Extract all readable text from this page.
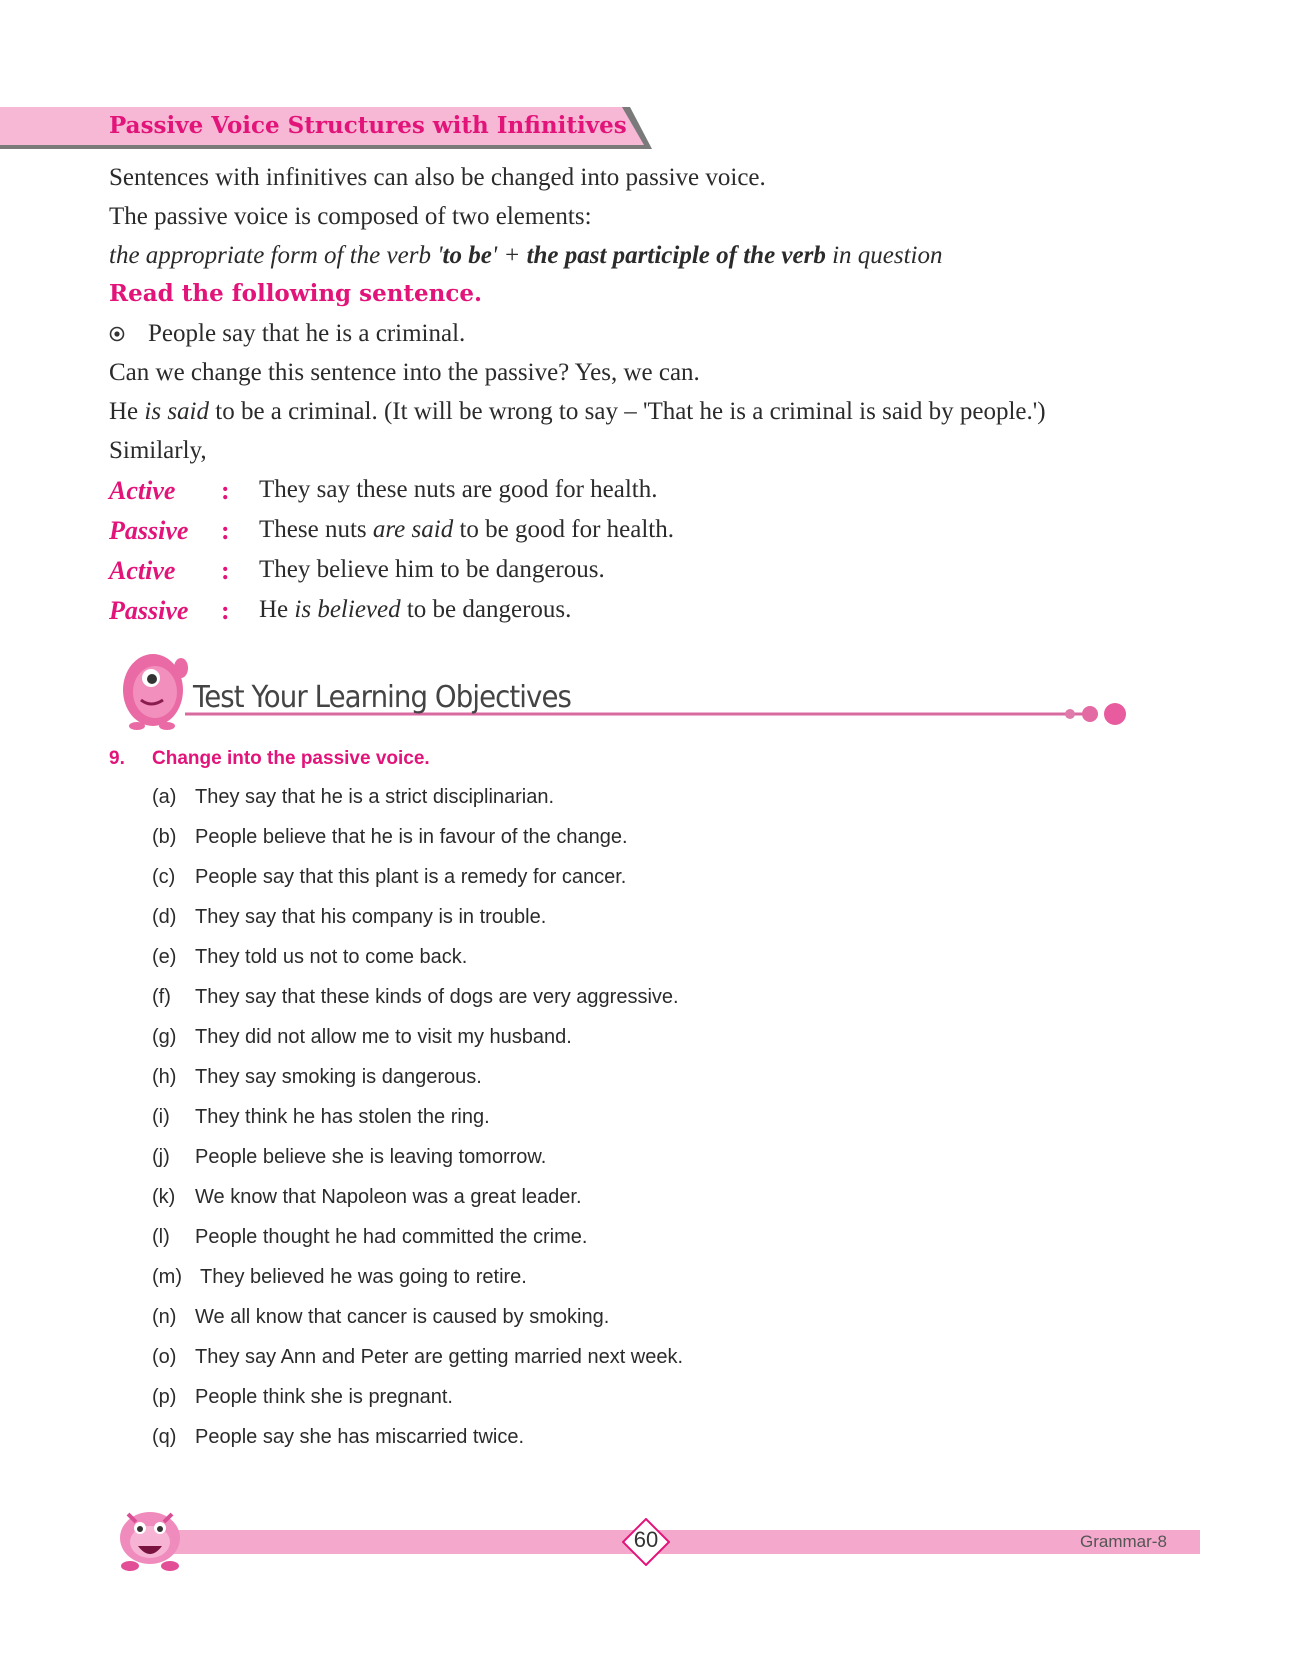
Passive Voice Structures with Infinitives
Sentences with infinitives can also be changed into passive voice.
The passive voice is composed of two elements:
the appropriate form of the verb 'to be' + the past participle of the verb in question
Read the following sentence.
People say that he is a criminal.
Can we change this sentence into the passive? Yes, we can.
He is said to be a criminal. (It will be wrong to say – 'That he is a criminal is said by people.')
Similarly,
Active : They say these nuts are good for health.
Passive : These nuts are said to be good for health.
Active : They believe him to be dangerous.
Passive : He is believed to be dangerous.
Test Your Learning Objectives
9. Change into the passive voice.
(a) They say that he is a strict disciplinarian.
(b) People believe that he is in favour of the change.
(c) People say that this plant is a remedy for cancer.
(d) They say that his company is in trouble.
(e) They told us not to come back.
(f) They say that these kinds of dogs are very aggressive.
(g) They did not allow me to visit my husband.
(h) They say smoking is dangerous.
(i) They think he has stolen the ring.
(j) People believe she is leaving tomorrow.
(k) We know that Napoleon was a great leader.
(l) People thought he had committed the crime.
(m) They believed he was going to retire.
(n) We all know that cancer is caused by smoking.
(o) They say Ann and Peter are getting married next week.
(p) People think she is pregnant.
(q) People say she has miscarried twice.
60	Grammar-8
